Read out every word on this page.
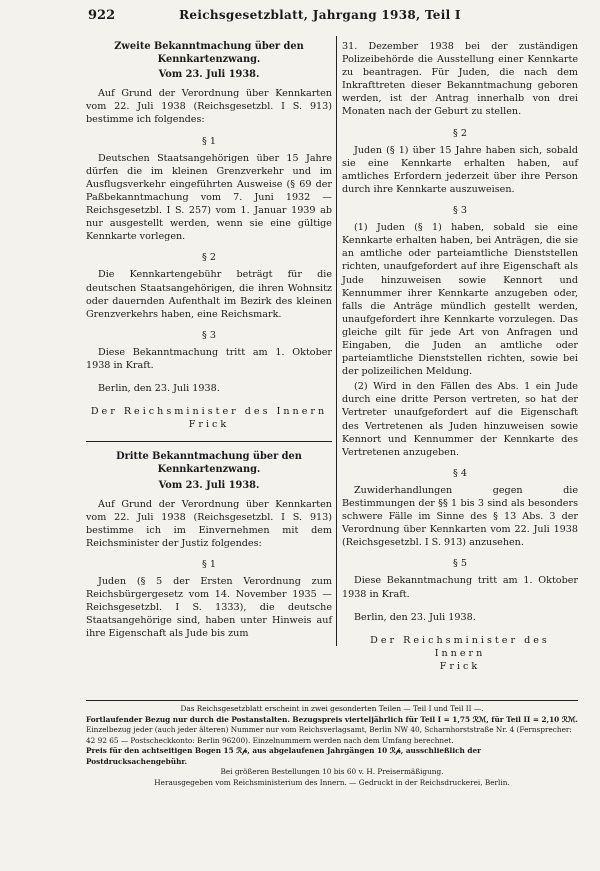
922	Reichsgesetzblatt, Jahrgang 1938, Teil I

Zweite Bekanntmachung über den Kennkartenzwang.

Vom 23. Juli 1938.

Auf Grund der Verordnung über Kennkarten vom 22. Juli 1938 (Reichsgesetzbl. I S. 913) bestimme ich folgendes:

§ 1

Deutschen Staatsangehörigen über 15 Jahre dürfen die im kleinen Grenzverkehr und im Ausflugsverkehr eingeführten Ausweise (§ 69 der Paßbekanntmachung vom 7. Juni 1932 — Reichsgesetzbl. I S. 257) vom 1. Januar 1939 ab nur ausgestellt werden, wenn sie eine gültige Kennkarte vorlegen.

§ 2

Die Kennkartengebühr beträgt für die deutschen Staatsangehörigen, die ihren Wohnsitz oder dauernden Aufenthalt im Bezirk des kleinen Grenzverkehrs haben, eine Reichsmark.

§ 3

Diese Bekanntmachung tritt am 1. Oktober 1938 in Kraft.

Berlin, den 23. Juli 1938.

Der Reichsminister des Innern

Frick

Dritte Bekanntmachung über den Kennkartenzwang.

Vom 23. Juli 1938.

Auf Grund der Verordnung über Kennkarten vom 22. Juli 1938 (Reichsgesetzbl. I S. 913) bestimme ich im Einvernehmen mit dem Reichsminister der Justiz folgendes:

§ 1

Juden (§ 5 der Ersten Verordnung zum Reichsbürgergesetz vom 14. November 1935 — Reichsgesetzbl. I S. 1333), die deutsche Staatsangehörige sind, haben unter Hinweis auf ihre Eigenschaft als Jude bis zum

31. Dezember 1938 bei der zuständigen Polizeibehörde die Ausstellung einer Kennkarte zu beantragen. Für Juden, die nach dem Inkrafttreten dieser Bekanntmachung geboren werden, ist der Antrag innerhalb von drei Monaten nach der Geburt zu stellen.

§ 2

Juden (§ 1) über 15 Jahre haben sich, sobald sie eine Kennkarte erhalten haben, auf amtliches Erfordern jederzeit über ihre Person durch ihre Kennkarte auszuweisen.

§ 3

(1) Juden (§ 1) haben, sobald sie eine Kennkarte erhalten haben, bei Anträgen, die sie an amtliche oder parteiamtliche Dienststellen richten, unaufgefordert auf ihre Eigenschaft als Jude hinzuweisen sowie Kennort und Kennummer ihrer Kennkarte anzugeben oder, falls die Anträge mündlich gestellt werden, unaufgefordert ihre Kennkarte vorzulegen. Das gleiche gilt für jede Art von Anfragen und Eingaben, die Juden an amtliche oder parteiamtliche Dienststellen richten, sowie bei der polizeilichen Meldung.

(2) Wird in den Fällen des Abs. 1 ein Jude durch eine dritte Person vertreten, so hat der Vertreter unaufgefordert auf die Eigenschaft des Vertretenen als Juden hinzuweisen sowie Kennort und Kennummer der Kennkarte des Vertretenen anzugeben.

§ 4

Zuwiderhandlungen gegen die Bestimmungen der §§ 1 bis 3 sind als besonders schwere Fälle im Sinne des § 13 Abs. 3 der Verordnung über Kennkarten vom 22. Juli 1938 (Reichsgesetzbl. I S. 913) anzusehen.

§ 5

Diese Bekanntmachung tritt am 1. Oktober 1938 in Kraft.

Berlin, den 23. Juli 1938.

Der Reichsminister des Innern

Frick

Das Reichsgesetzblatt erscheint in zwei gesonderten Teilen — Teil I und Teil II —.

Fortlaufender Bezug nur durch die Postanstalten. Bezugspreis vierteljährlich für Teil I = 1,75 ℛℳ, für Teil II = 2,10 ℛℳ.

Einzelbezug jeder (auch jeder älteren) Nummer nur vom Reichsverlagsamt, Berlin NW 40, Scharnhorststraße Nr. 4 (Fernsprecher: 42 92 65 — Postscheckkonto: Berlin 96200). Einzelnummern werden nach dem Umfang berechnet.

Preis für den achtseitigen Bogen 15 ℛ𝓅, aus abgelaufenen Jahrgängen 10 ℛ𝓅, ausschließlich der Postdrucksachengebühr.

Bei größeren Bestellungen 10 bis 60 v. H. Preisermäßigung.

Herausgegeben vom Reichsministerium des Innern. — Gedruckt in der Reichsdruckerei, Berlin.
